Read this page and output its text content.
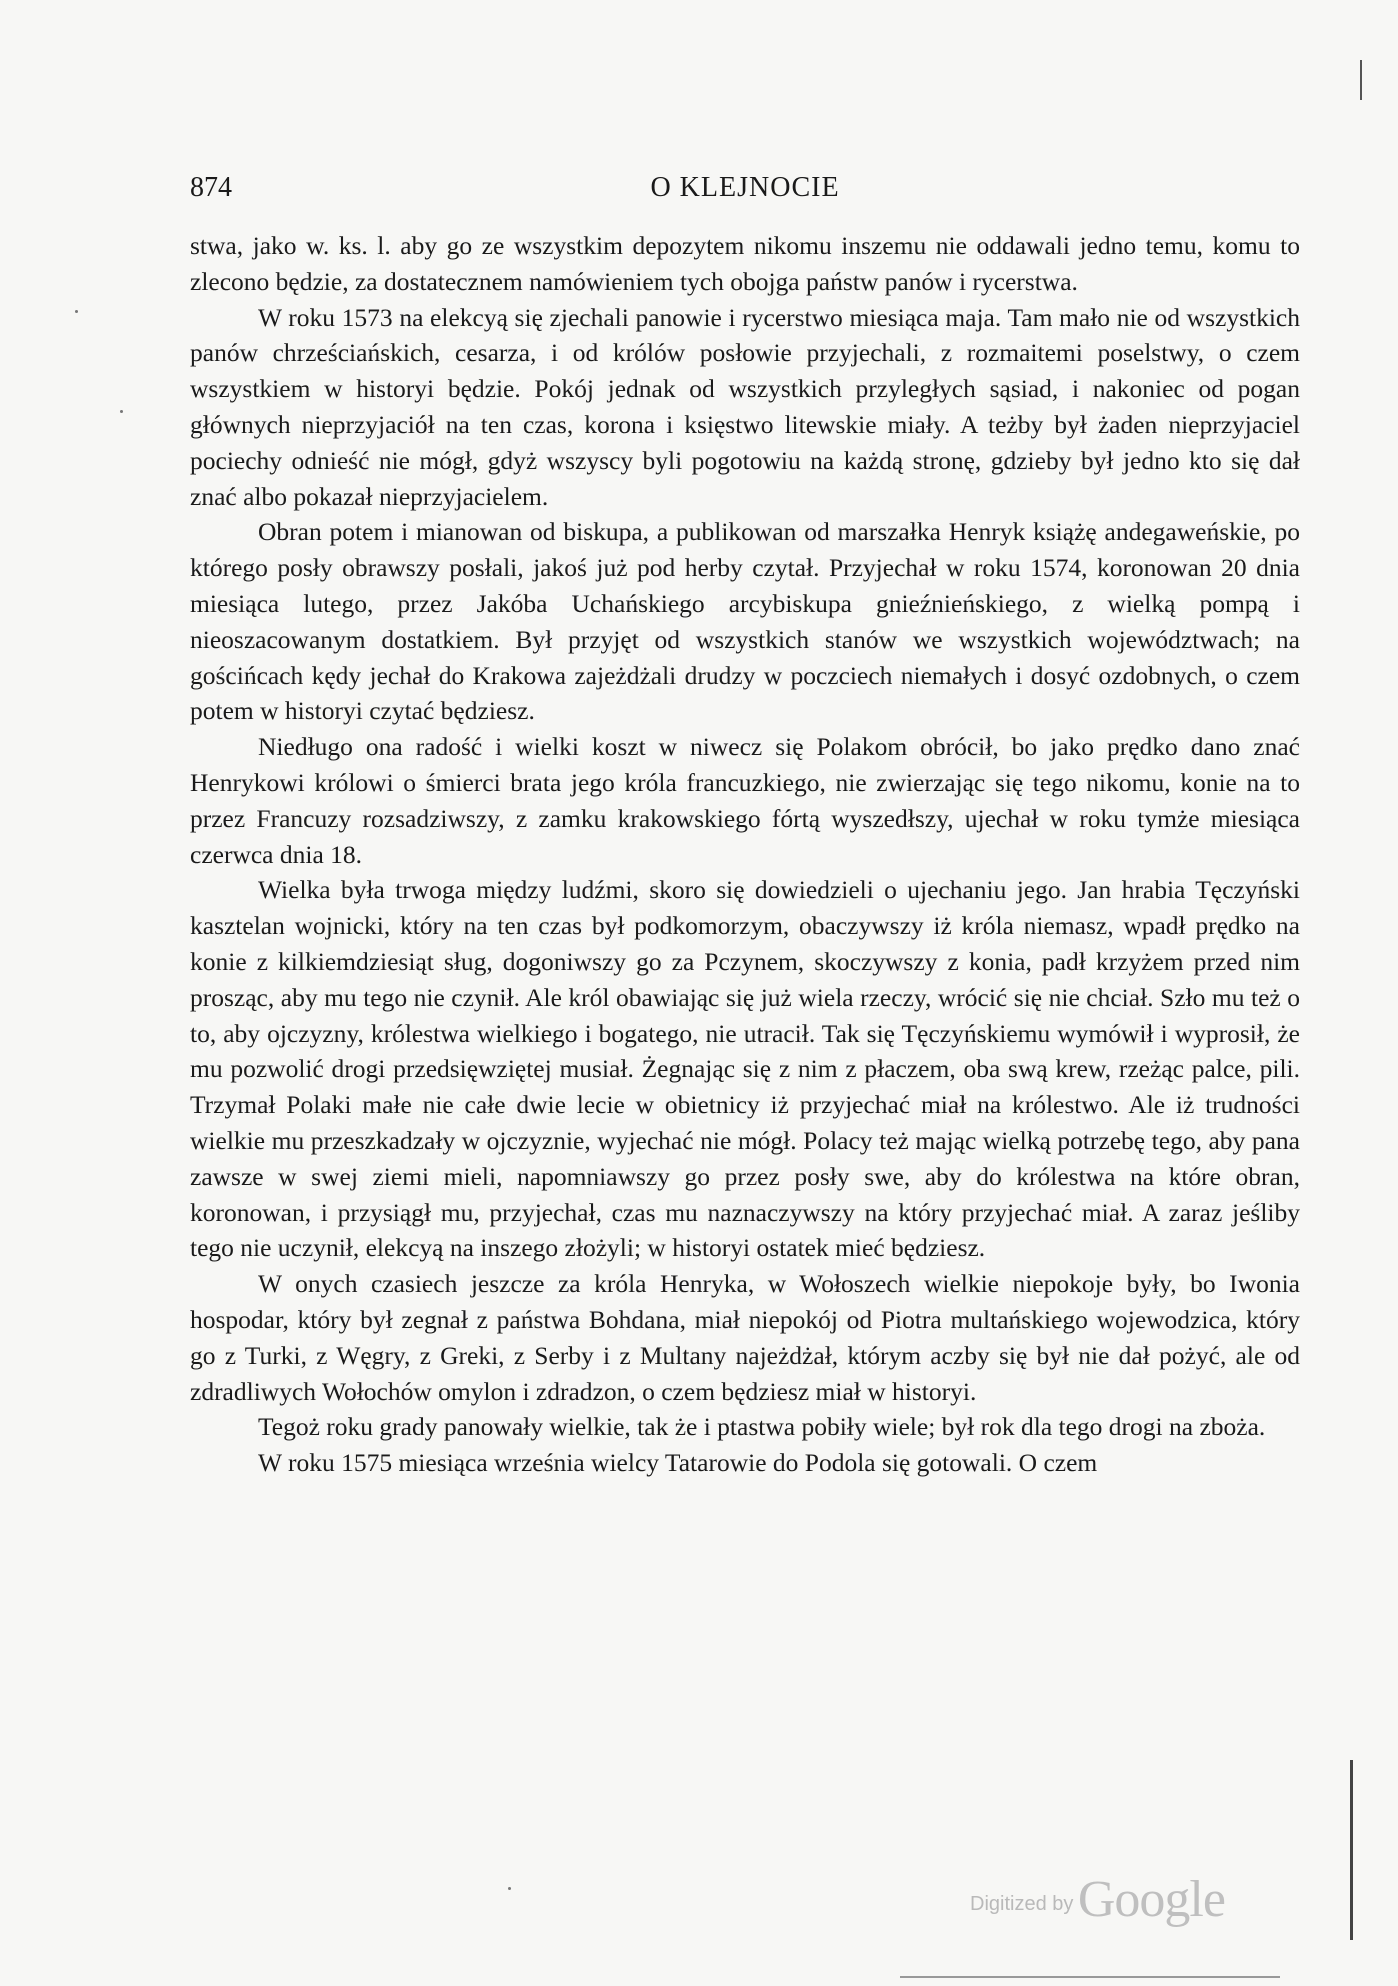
874	O KLEJNOCIE

stwa, jako w. ks. l. aby go ze wszystkim depozytem nikomu inszemu nie oddawali jedno temu, komu to zlecono będzie, za dostatecznem namówieniem tych obojga państw panów i rycerstwa.

W roku 1573 na elekcyą się zjechali panowie i rycerstwo miesiąca maja. Tam mało nie od wszystkich panów chrześciańskich, cesarza, i od królów posłowie przyjechali, z rozmaitemi poselstwy, o czem wszystkiem w historyi będzie. Pokój jednak od wszystkich przyległych sąsiad, i nakoniec od pogan głównych nieprzyjaciół na ten czas, korona i księstwo litewskie miały. A teżby był żaden nieprzyjaciel pociechy odnieść nie mógł, gdyż wszyscy byli pogotowiu na każdą stronę, gdzieby był jedno kto się dał znać albo pokazał nieprzyjacielem.

Obran potem i mianowan od biskupa, a publikowan od marszałka Henryk książę andegaweńskie, po którego posły obrawszy posłali, jakoś już pod herby czytał. Przyjechał w roku 1574, koronowan 20 dnia miesiąca lutego, przez Jakóba Uchańskiego arcybiskupa gnieźnieńskiego, z wielką pompą i nieoszacowanym dostatkiem. Był przyjęt od wszystkich stanów we wszystkich województwach; na gościńcach kędy jechał do Krakowa zajeżdżali drudzy w poczciech niemałych i dosyć ozdobnych, o czem potem w historyi czytać będziesz.

Niedługo ona radość i wielki koszt w niwecz się Polakom obrócił, bo jako prędko dano znać Henrykowi królowi o śmierci brata jego króla francuzkiego, nie zwierzając się tego nikomu, konie na to przez Francuzy rozsadziwszy, z zamku krakowskiego fórtą wyszedłszy, ujechał w roku tymże miesiąca czerwca dnia 18.

Wielka była trwoga między ludźmi, skoro się dowiedzieli o ujechaniu jego. Jan hrabia Tęczyński kasztelan wojnicki, który na ten czas był podkomorzym, obaczywszy iż króla niemasz, wpadł prędko na konie z kilkiemdziesiąt sług, dogoniwszy go za Pczynem, skoczywszy z konia, padł krzyżem przed nim prosząc, aby mu tego nie czynił. Ale król obawiając się już wiela rzeczy, wrócić się nie chciał. Szło mu też o to, aby ojczyzny, królestwa wielkiego i bogatego, nie utracił. Tak się Tęczyńskiemu wymówił i wyprosił, że mu pozwolić drogi przedsięwziętej musiał. Żegnając się z nim z płaczem, oba swą krew, rzeżąc palce, pili. Trzymał Polaki małe nie całe dwie lecie w obietnicy iż przyjechać miał na królestwo. Ale iż trudności wielkie mu przeszkadzały w ojczyznie, wyjechać nie mógł. Polacy też mając wielką potrzebę tego, aby pana zawsze w swej ziemi mieli, napomniawszy go przez posły swe, aby do królestwa na które obran, koronowan, i przysiągł mu, przyjechał, czas mu naznaczywszy na który przyjechać miał. A zaraz jeśliby tego nie uczynił, elekcyą na inszego złożyli; w historyi ostatek mieć będziesz.

W onych czasiech jeszcze za króla Henryka, w Wołoszech wielkie niepokoje były, bo Iwonia hospodar, który był zegnał z państwa Bohdana, miał niepokój od Piotra multańskiego wojewodzica, który go z Turki, z Węgry, z Greki, z Serby i z Multany najeżdżał, którym aczby się był nie dał pożyć, ale od zdradliwych Wołochów omylon i zdradzon, o czem będziesz miał w historyi.

Tegoż roku grady panowały wielkie, tak że i ptastwa pobiły wiele; był rok dla tego drogi na zboża.

W roku 1575 miesiąca września wielcy Tatarowie do Podola się gotowali. O czem

Digitized by Google
